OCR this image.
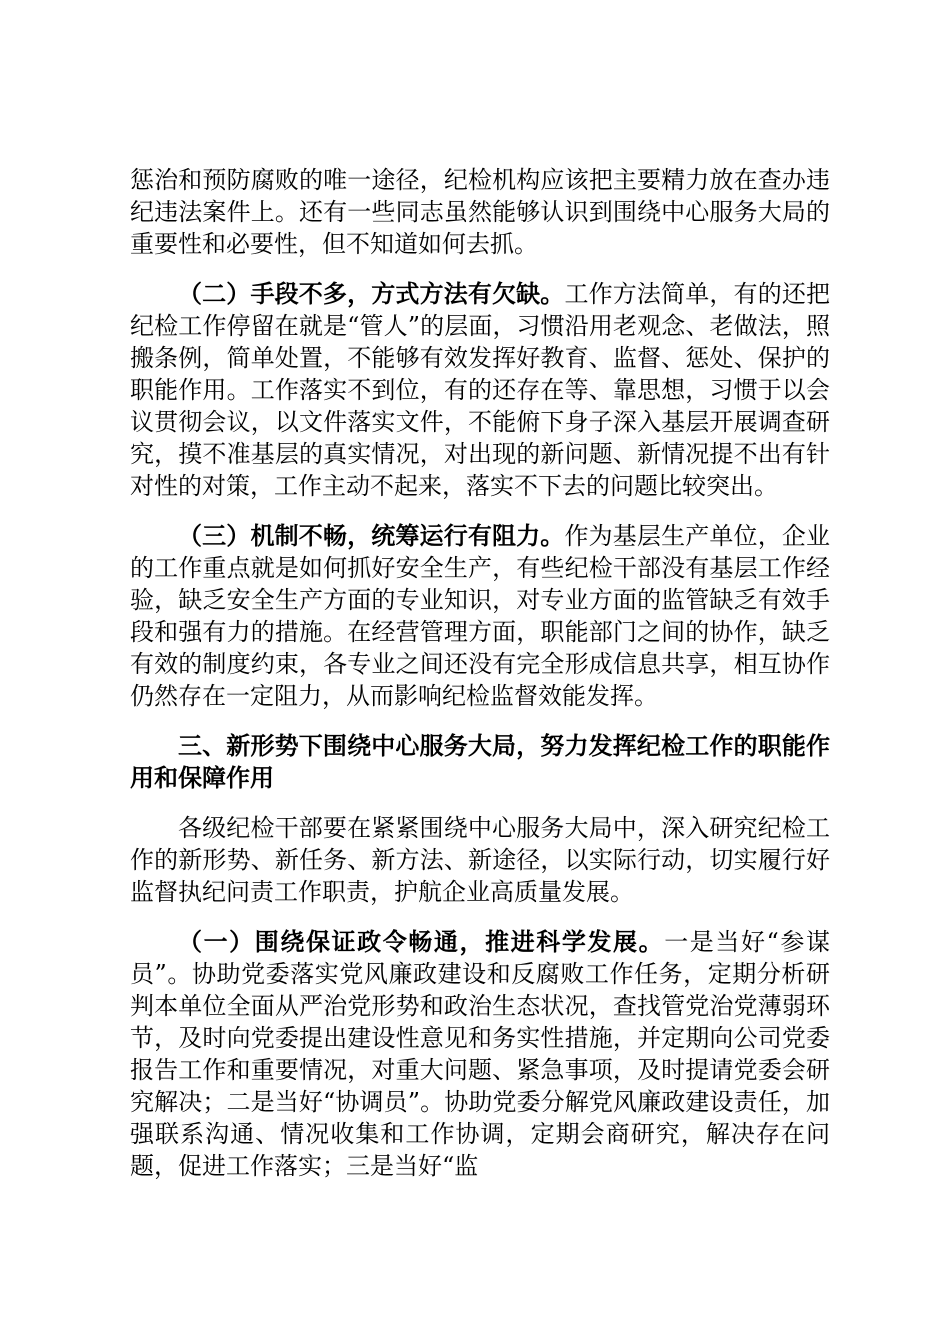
惩治和预防腐败的唯一途径，纪检机构应该把主要精力放在查办违纪违法案件上。还有一些同志虽然能够认识到围绕中心服务大局的重要性和必要性，但不知道如何去抓。

（二）手段不多，方式方法有欠缺。工作方法简单，有的还把纪检工作停留在就是“管人”的层面，习惯沿用老观念、老做法，照搬条例，简单处置，不能够有效发挥好教育、监督、惩处、保护的职能作用。工作落实不到位，有的还存在等、靠思想，习惯于以会议贯彻会议，以文件落实文件，不能俯下身子深入基层开展调查研究，摸不准基层的真实情况，对出现的新问题、新情况提不出有针对性的对策，工作主动不起来，落实不下去的问题比较突出。

（三）机制不畅，统筹运行有阻力。作为基层生产单位，企业的工作重点就是如何抓好安全生产，有些纪检干部没有基层工作经验，缺乏安全生产方面的专业知识，对专业方面的监管缺乏有效手段和强有力的措施。在经营管理方面，职能部门之间的协作，缺乏有效的制度约束，各专业之间还没有完全形成信息共享，相互协作仍然存在一定阻力，从而影响纪检监督效能发挥。

三、新形势下围绕中心服务大局，努力发挥纪检工作的职能作用和保障作用

各级纪检干部要在紧紧围绕中心服务大局中，深入研究纪检工作的新形势、新任务、新方法、新途径，以实际行动，切实履行好监督执纪问责工作职责，护航企业高质量发展。

（一）围绕保证政令畅通，推进科学发展。一是当好“参谋员”。协助党委落实党风廉政建设和反腐败工作任务，定期分析研判本单位全面从严治党形势和政治生态状况，查找管党治党薄弱环节，及时向党委提出建设性意见和务实性措施，并定期向公司党委报告工作和重要情况，对重大问题、紧急事项，及时提请党委会研究解决；二是当好“协调员”。协助党委分解党风廉政建设责任，加强联系沟通、情况收集和工作协调，定期会商研究，解决存在问题，促进工作落实；三是当好“监
